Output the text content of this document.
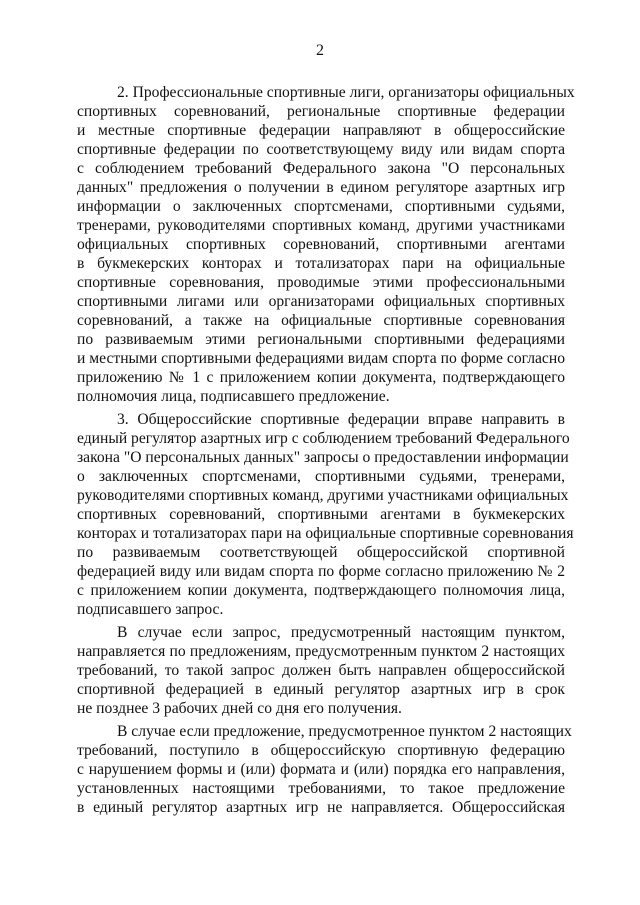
2
2. Профессиональные спортивные лиги, организаторы официальных
спортивных соревнований, региональные спортивные федерации
и местные спортивные федерации направляют в общероссийские
спортивные федерации по соответствующему виду или видам спорта
с соблюдением требований Федерального закона "О персональных
данных" предложения о получении в едином регуляторе азартных игр
информации о заключенных спортсменами, спортивными судьями,
тренерами, руководителями спортивных команд, другими участниками
официальных спортивных соревнований, спортивными агентами
в букмекерских конторах и тотализаторах пари на официальные
спортивные соревнования, проводимые этими профессиональными
спортивными лигами или организаторами официальных спортивных
соревнований, а также на официальные спортивные соревнования
по развиваемым этими региональными спортивными федерациями
и местными спортивными федерациями видам спорта по форме согласно
приложению № 1 с приложением копии документа, подтверждающего
полномочия лица, подписавшего предложение.
3. Общероссийские спортивные федерации вправе направить в
единый регулятор азартных игр с соблюдением требований Федерального
закона "О персональных данных" запросы о предоставлении информации
о заключенных спортсменами, спортивными судьями, тренерами,
руководителями спортивных команд, другими участниками официальных
спортивных соревнований, спортивными агентами в букмекерских
конторах и тотализаторах пари на официальные спортивные соревнования
по развиваемым соответствующей общероссийской спортивной
федерацией виду или видам спорта по форме согласно приложению № 2
с приложением копии документа, подтверждающего полномочия лица,
подписавшего запрос.
В случае если запрос, предусмотренный настоящим пунктом,
направляется по предложениям, предусмотренным пунктом 2 настоящих
требований, то такой запрос должен быть направлен общероссийской
спортивной федерацией в единый регулятор азартных игр в срок
не позднее 3 рабочих дней со дня его получения.
В случае если предложение, предусмотренное пунктом 2 настоящих
требований, поступило в общероссийскую спортивную федерацию
с нарушением формы и (или) формата и (или) порядка его направления,
установленных настоящими требованиями, то такое предложение
в единый регулятор азартных игр не направляется. Общероссийская
